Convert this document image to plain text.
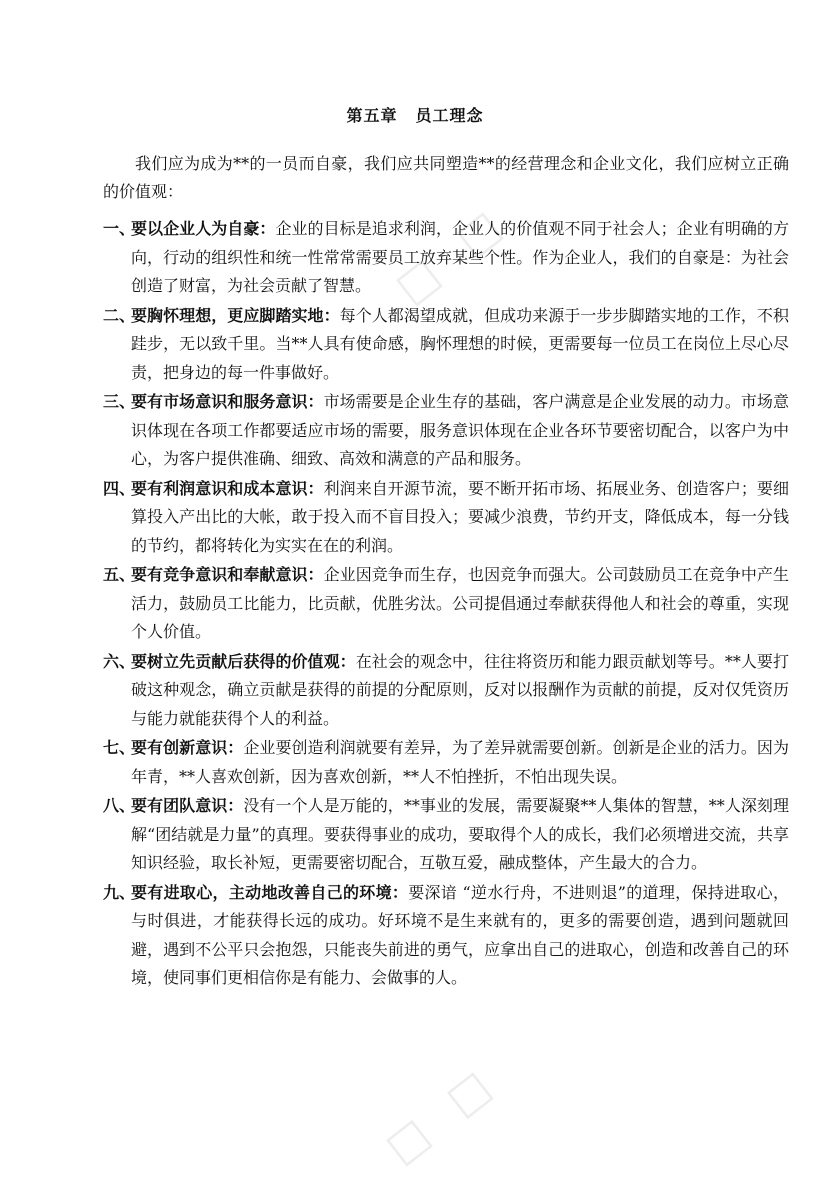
☐ ☐
☐ ☐
第五章 员工理念
我们应为成为**的一员而自豪，我们应共同塑造**的经营理念和企业文化，我们应树立正确的价值观：
一、
要以企业人为自豪：企业的目标是追求利润，企业人的价值观不同于社会人；企业有明确的方向，行动的组织性和统一性常常需要员工放弃某些个性。作为企业人，我们的自豪是：为社会创造了财富，为社会贡献了智慧。
二、
要胸怀理想，更应脚踏实地：每个人都渴望成就，但成功来源于一步步脚踏实地的工作，不积跬步，无以致千里。当**人具有使命感，胸怀理想的时候，更需要每一位员工在岗位上尽心尽责，把身边的每一件事做好。
三、
要有市场意识和服务意识：市场需要是企业生存的基础，客户满意是企业发展的动力。市场意识体现在各项工作都要适应市场的需要，服务意识体现在企业各环节要密切配合，以客户为中心，为客户提供准确、细致、高效和满意的产品和服务。
四、
要有利润意识和成本意识：利润来自开源节流，要不断开拓市场、拓展业务、创造客户；要细算投入产出比的大帐，敢于投入而不盲目投入；要减少浪费，节约开支，降低成本，每一分钱的节约，都将转化为实实在在的利润。
五、
要有竞争意识和奉献意识：企业因竞争而生存，也因竞争而强大。公司鼓励员工在竞争中产生活力，鼓励员工比能力，比贡献，优胜劣汰。公司提倡通过奉献获得他人和社会的尊重，实现个人价值。
六、
要树立先贡献后获得的价值观：在社会的观念中，往往将资历和能力跟贡献划等号。**人要打破这种观念，确立贡献是获得的前提的分配原则，反对以报酬作为贡献的前提，反对仅凭资历与能力就能获得个人的利益。
七、
要有创新意识：企业要创造利润就要有差异，为了差异就需要创新。创新是企业的活力。因为年青，**人喜欢创新，因为喜欢创新，**人不怕挫折，不怕出现失误。
八、
要有团队意识：没有一个人是万能的，**事业的发展，需要凝聚**人集体的智慧，**人深刻理解“团结就是力量”的真理。要获得事业的成功，要取得个人的成长，我们必须增进交流，共享知识经验，取长补短，更需要密切配合，互敬互爱，融成整体，产生最大的合力。
九、
要有进取心，主动地改善自己的环境：要深谙 “逆水行舟，不进则退”的道理，保持进取心，与时俱进，才能获得长远的成功。好环境不是生来就有的，更多的需要创造，遇到问题就回避，遇到不公平只会抱怨，只能丧失前进的勇气，应拿出自己的进取心，创造和改善自己的环境，使同事们更相信你是有能力、会做事的人。
